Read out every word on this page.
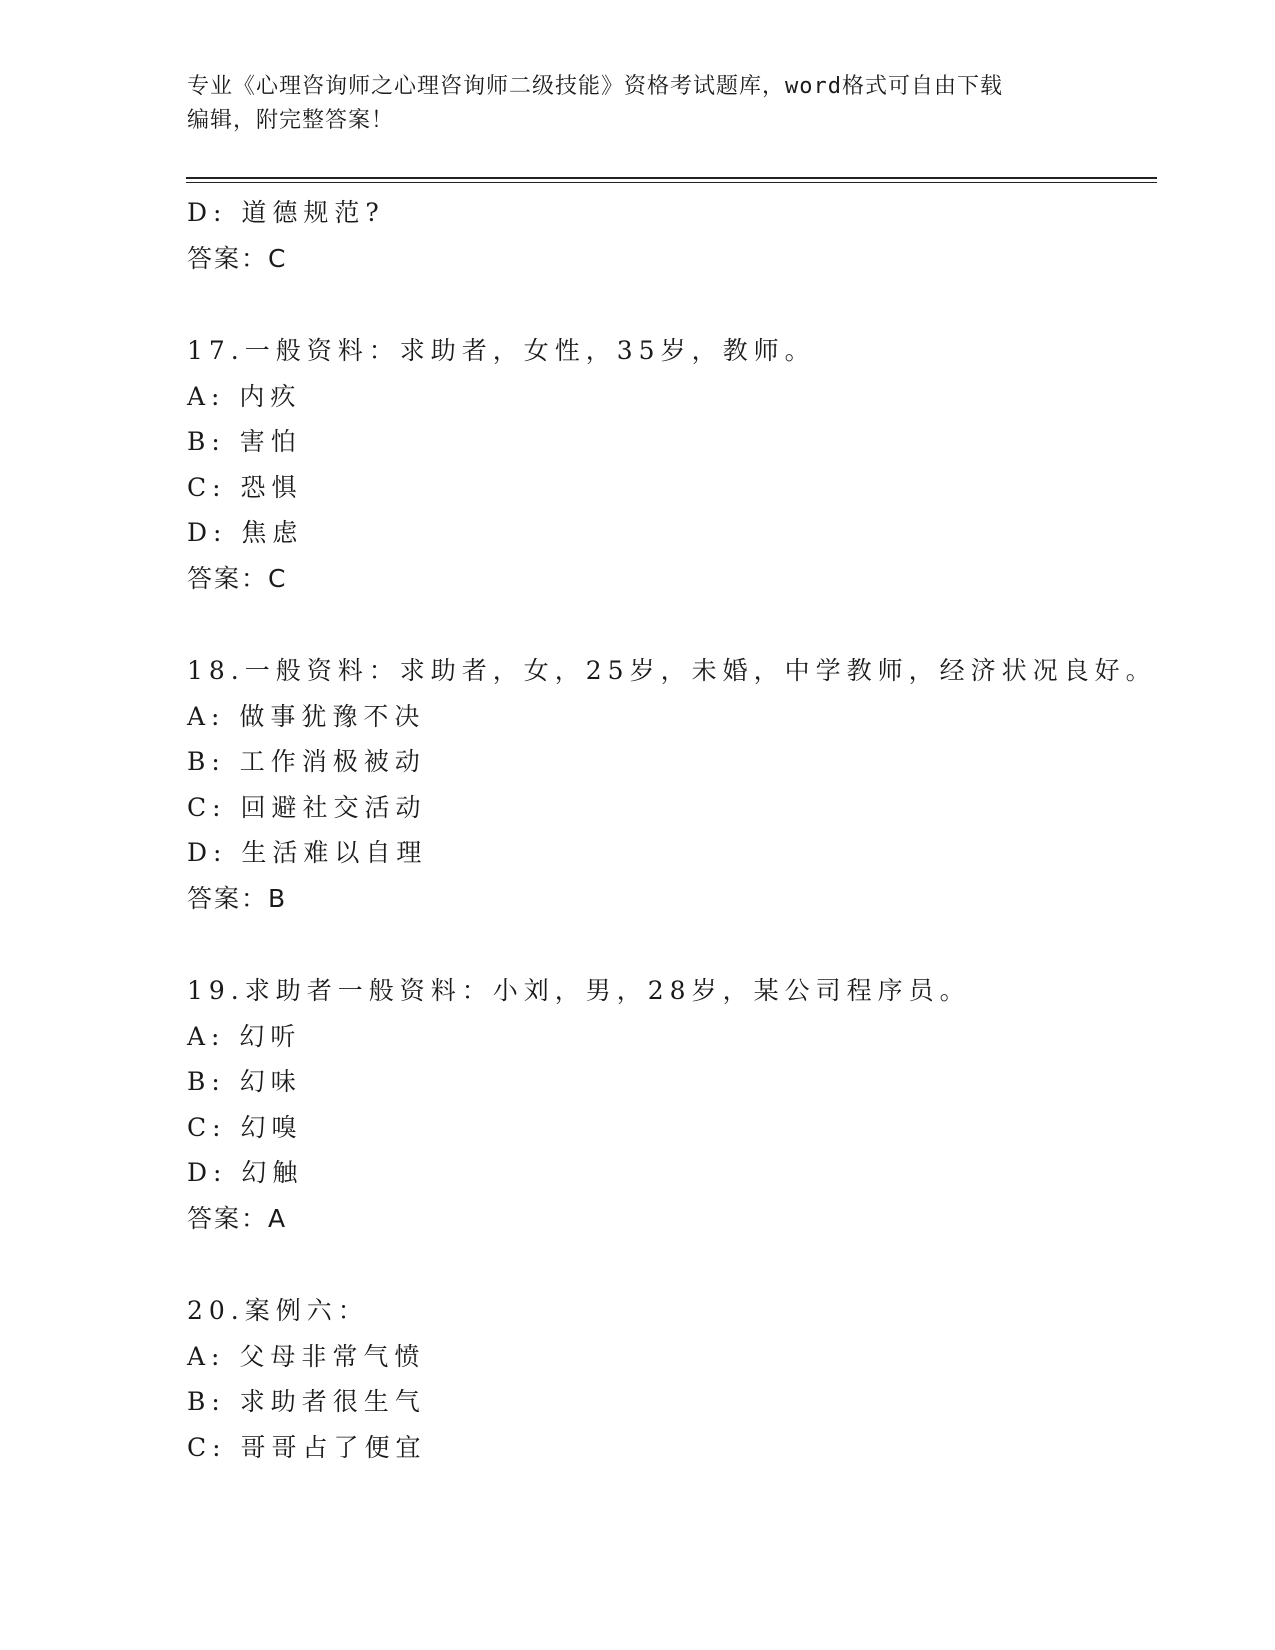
专业《心理咨询师之心理咨询师二级技能》资格考试题库，word格式可自由下载
编辑，附完整答案！
D: 道德规范?
答案：C
17.一般资料：求助者，女性，35岁，教师。
A: 内疚
B: 害怕
C: 恐惧
D: 焦虑
答案：C
18.一般资料：求助者，女，25岁，未婚，中学教师，经济状况良好。
A: 做事犹豫不决
B: 工作消极被动
C: 回避社交活动
D: 生活难以自理
答案：B
19.求助者一般资料：小刘，男，28岁，某公司程序员。
A: 幻听
B: 幻味
C: 幻嗅
D: 幻触
答案：A
20.案例六：
A: 父母非常气愤
B: 求助者很生气
C: 哥哥占了便宜
